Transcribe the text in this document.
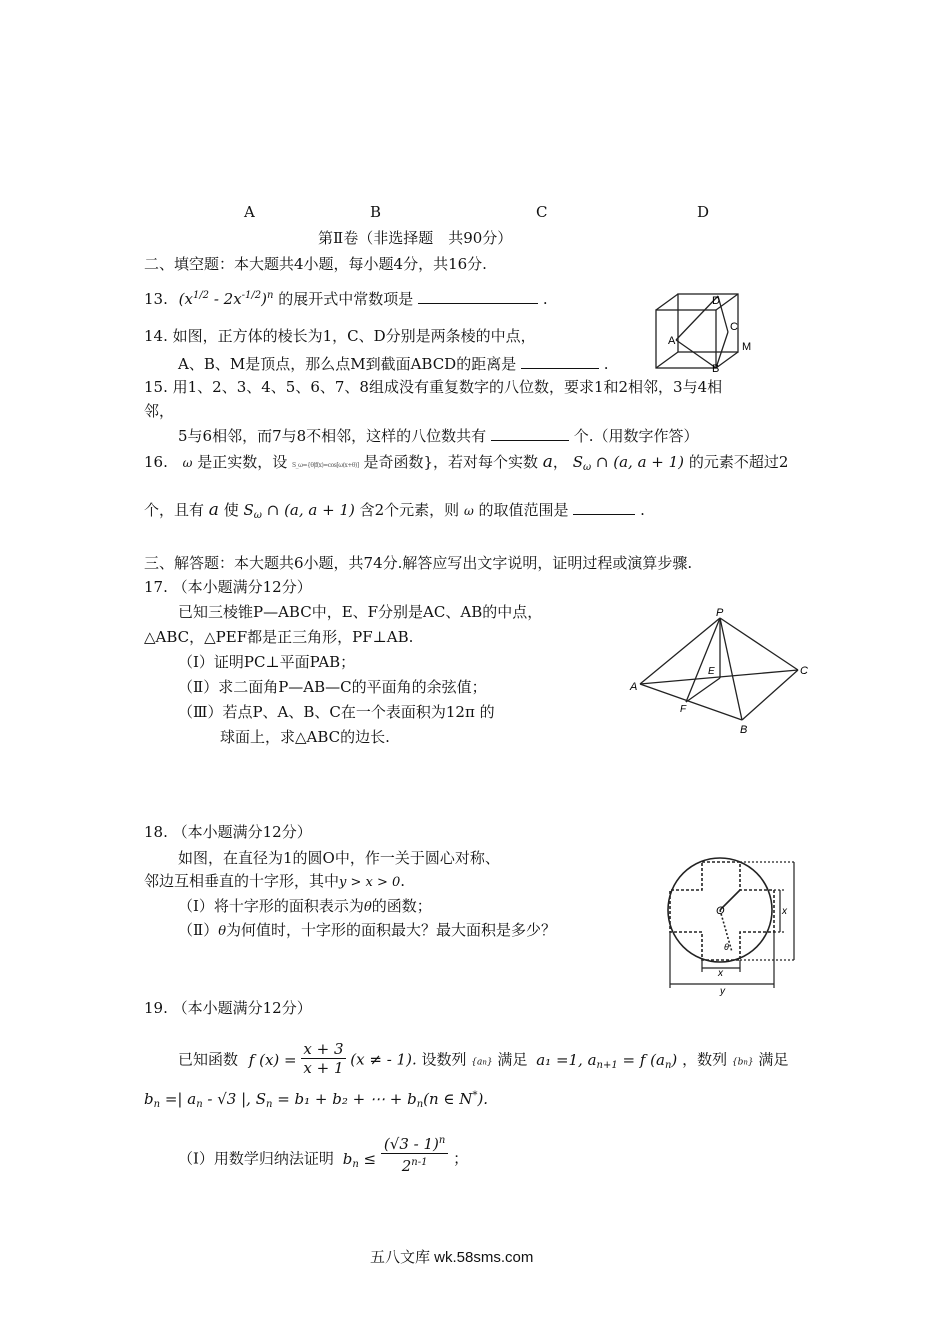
A	B	C	D
第Ⅱ卷（非选择题　共90分）
二、填空题：本大题共4小题，每小题4分，共16分.
13. $(x^{1/2} - 2x^{-1/2})^n$ 的展开式中常数项是	.
14. 如图，正方体的棱长为1，C、D分别是两条棱的中点，
A、B、M是顶点，那么点M到截面ABCD的距离是	.
D
C
A	M
B
15. 用1、2、3、4、5、6、7、8组成没有重复数字的八位数，要求1和2相邻，3与4相
邻，
5与6相邻，而7与8不相邻，这样的八位数共有	个.（用数字作答）
16. ω 是正实数，设 S_ω={θ|f(x)=cos[ω(x+θ)] 是奇函数}，若对每个实数 a， $S_\omega$ ∩ (a, a + 1) 的元素不超过2
个，且有 a 使 $S_\omega$ ∩ (a, a + 1) 含2个元素，则 ω 的取值范围是	.
三、解答题：本大题共6小题，共74分.解答应写出文字说明，证明过程或演算步骤.
17. （本小题满分12分）
已知三棱锥P—ABC中，E、F分别是AC、AB的中点，
△ABC，△PEF都是正三角形，PF⊥AB.
（Ⅰ）证明PC⊥平面PAB；
（Ⅱ）求二面角P—AB—C的平面角的余弦值；
（Ⅲ）若点P、A、B、C在一个表面积为12π 的
球面上，求△ABC的边长.
P
C
A
E
F
B
18. （本小题满分12分）
如图，在直径为1的圆O中，作一关于圆心对称、
邻边互相垂直的十字形，其中y > x > 0.
（Ⅰ）将十字形的面积表示为θ的函数；
（Ⅱ）θ为何值时，十字形的面积最大？最大面积是多少？
O
θ
x
x
y
19. （本小题满分12分）
已知函数 f $(x) = \frac{x + 3}{x + 1} (x$ ≠ - 1). 设数列 {an} 满足 a₁ =1, $a_{n+1} = f$ $(a_n)$ ，数列 {bn} 满足
$b_n$ =| $a_n - √3$ |, $S_n = b_1 + b_2$ + ⋯ + $b_n(n$ ∈ N*).
（Ⅰ）用数学归纳法证明 $b_n \le \frac{(√3 - 1)^n}{2^{n-1}}$ ；
五八文库 wk.58sms.com
